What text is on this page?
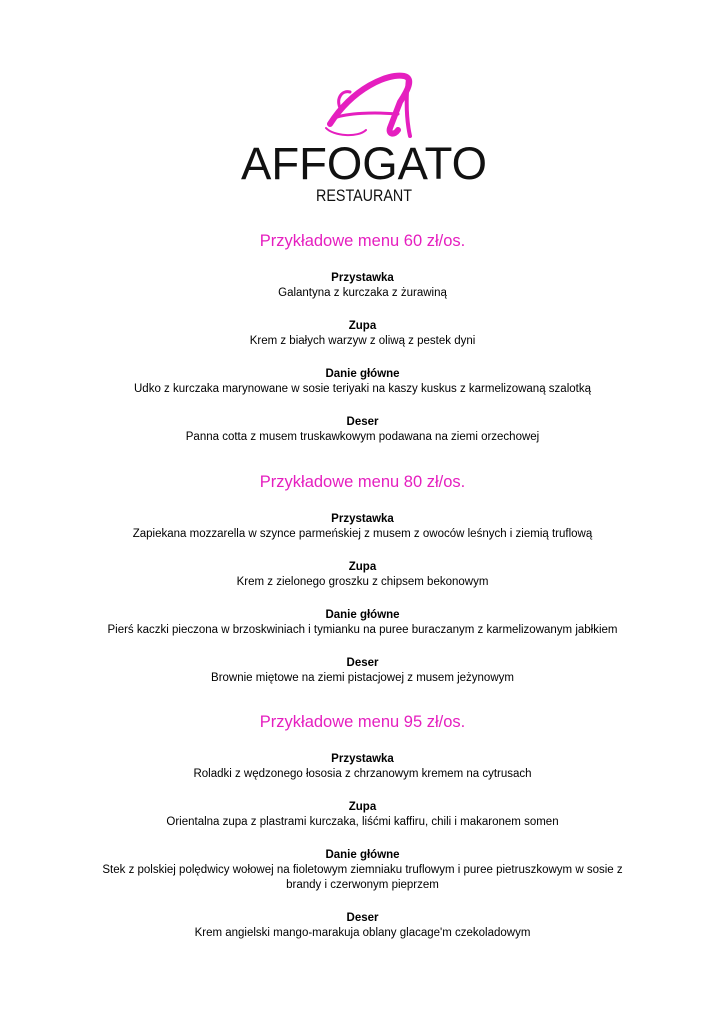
AFFOGATO
RESTAURANT
Przykładowe menu 60 zł/os.
Przystawka
Galantyna z kurczaka z żurawiną
Zupa
Krem z białych warzyw z oliwą z pestek dyni
Danie główne
Udko z kurczaka marynowane w sosie teriyaki na kaszy kuskus z karmelizowaną szalotką
Deser
Panna cotta z musem truskawkowym podawana na ziemi orzechowej
Przykładowe menu 80 zł/os.
Przystawka
Zapiekana mozzarella w szynce parmeńskiej z musem z owoców leśnych i ziemią truflową
Zupa
Krem z zielonego groszku z chipsem bekonowym
Danie główne
Pierś kaczki pieczona w brzoskwiniach i tymianku na puree buraczanym z karmelizowanym jabłkiem
Deser
Brownie miętowe na ziemi pistacjowej z musem jeżynowym
Przykładowe menu 95 zł/os.
Przystawka
Roladki z wędzonego łososia z chrzanowym kremem na cytrusach
Zupa
Orientalna zupa z plastrami kurczaka, liśćmi kaffiru, chili i makaronem somen
Danie główne
Stek z polskiej polędwicy wołowej na fioletowym ziemniaku truflowym i puree pietruszkowym w sosie z
brandy i czerwonym pieprzem
Deser
Krem angielski mango-marakuja oblany glacage'm czekoladowym
